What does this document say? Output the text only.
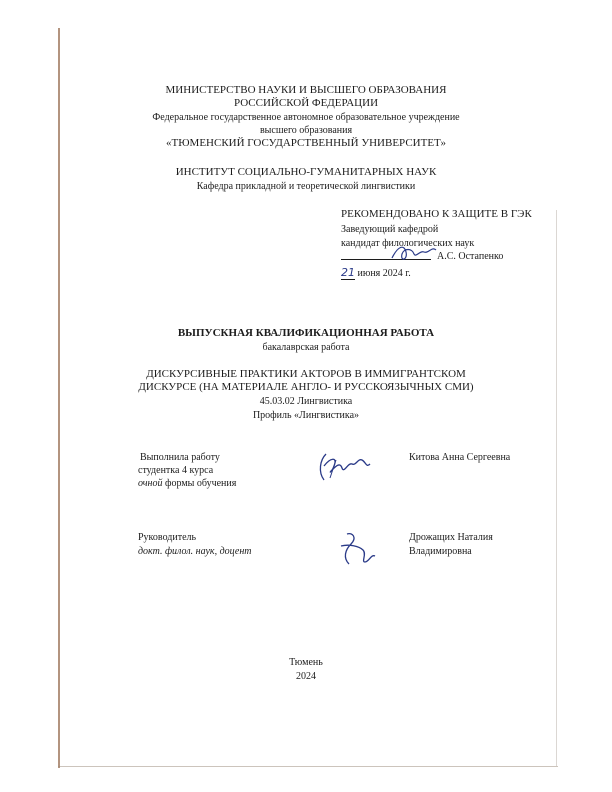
МИНИСТЕРСТВО НАУКИ И ВЫСШЕГО ОБРАЗОВАНИЯ
РОССИЙСКОЙ ФЕДЕРАЦИИ
Федеральное государственное автономное образовательное учреждение
высшего образования
«ТЮМЕНСКИЙ ГОСУДАРСТВЕННЫЙ УНИВЕРСИТЕТ»
ИНСТИТУТ СОЦИАЛЬНО-ГУМАНИТАРНЫХ НАУК
Кафедра прикладной и теоретической лингвистики
РЕКОМЕНДОВАНО К ЗАЩИТЕ В ГЭК
Заведующий кафедрой
кандидат филологических наук
А.С. Остапенко
21 июня 2024 г.
ВЫПУСКНАЯ КВАЛИФИКАЦИОННАЯ РАБОТА
бакалаврская работа
ДИСКУРСИВНЫЕ ПРАКТИКИ АКТОРОВ В ИММИГРАНТСКОМ
ДИСКУРСЕ (НА МАТЕРИАЛЕ АНГЛО- И РУССКОЯЗЫЧНЫХ СМИ)
45.03.02 Лингвистика
Профиль «Лингвистика»
Выполнила работу
студентка 4 курса
очной формы обучения
Китова Анна Сергеевна
Руководитель
докт. филол. наук, доцент
Дрожащих Наталия
Владимировна
Тюмень
2024
